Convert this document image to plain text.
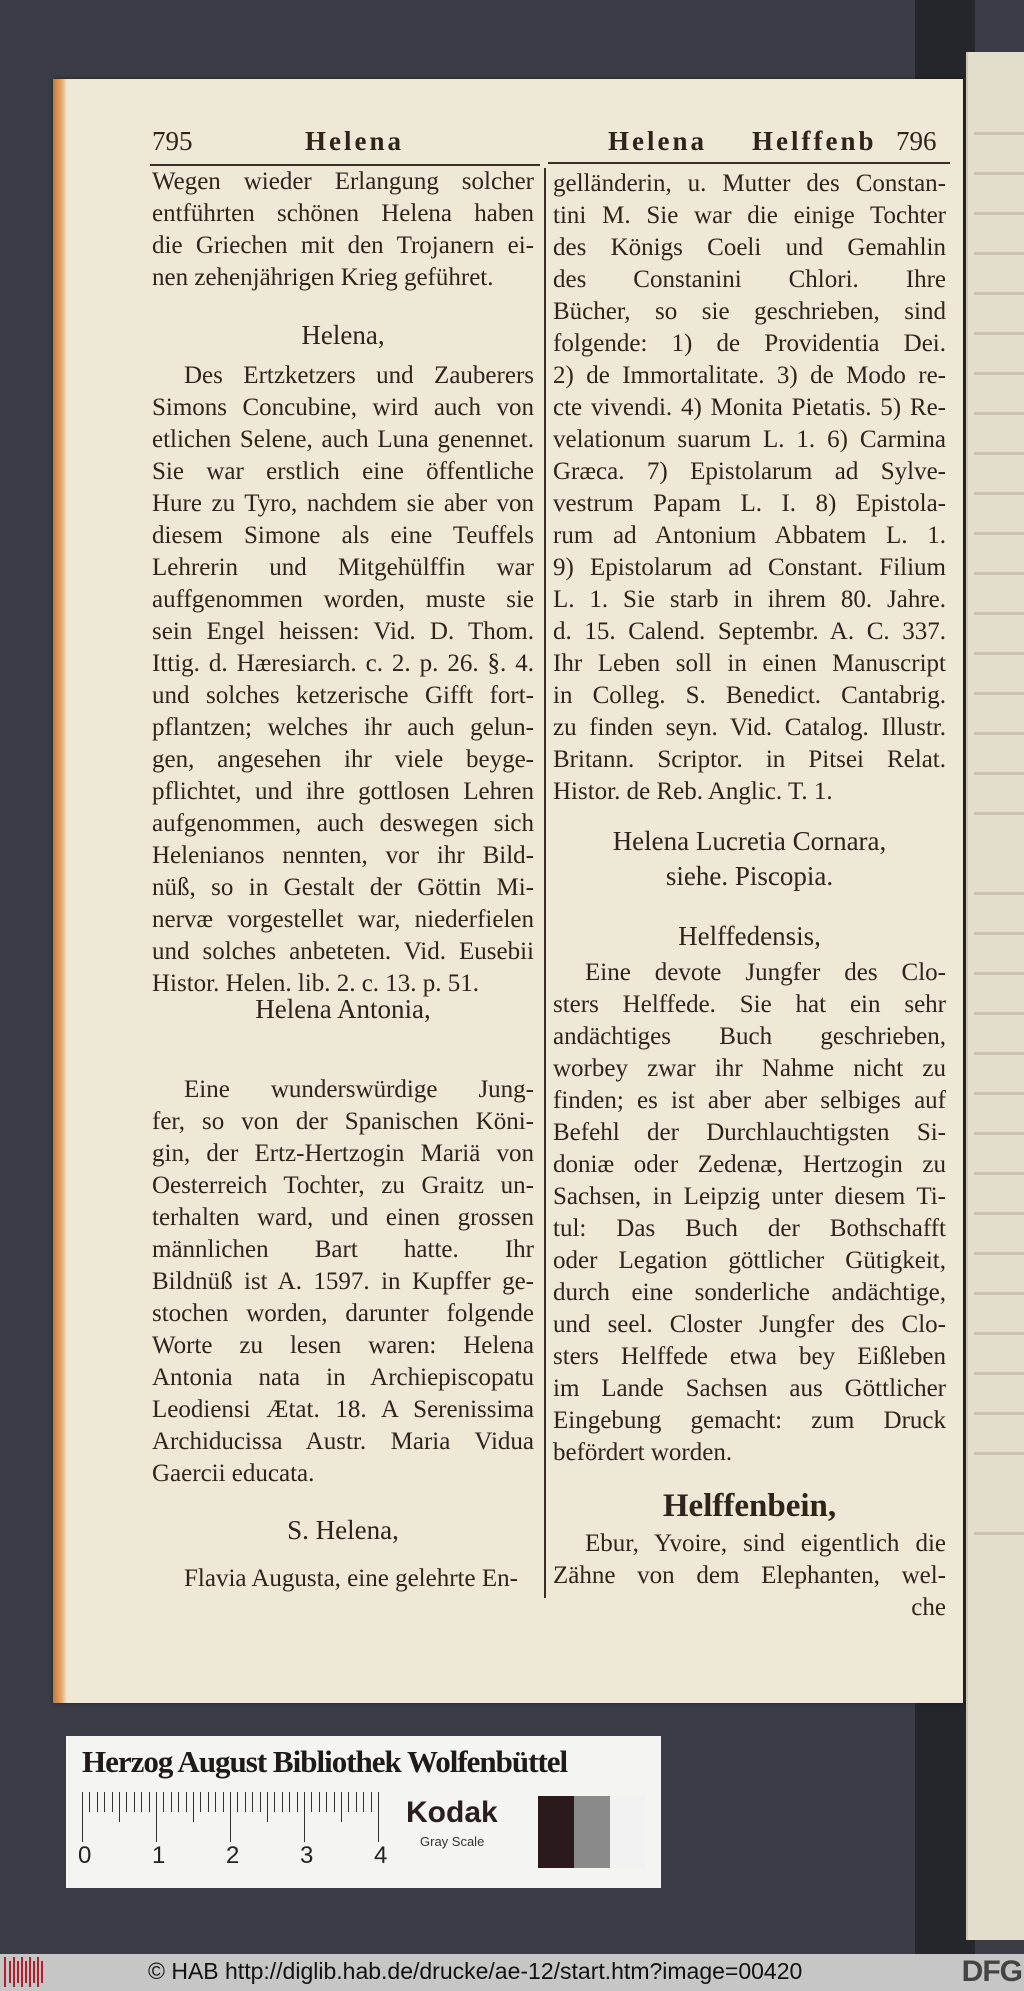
795	Helena	Helena Helffenb 796
Wegen wieder Erlangung solcher
entführten schönen Helena haben
die Griechen mit den Trojanern ei-
nen zehenjährigen Krieg geführet.
Helena,
Des Ertzketzers und Zauberers
Simons Concubine, wird auch von
etlichen Selene, auch Luna genennet.
Sie war erstlich eine öffentliche
Hure zu Tyro, nachdem sie aber von
diesem Simone als eine Teuffels
Lehrerin und Mitgehülffin war
auffgenommen worden, muste sie
sein Engel heissen: Vid. D. Thom.
Ittig. d. Hæresiarch. c. 2. p. 26. §. 4.
und solches ketzerische Gifft fort-
pflantzen; welches ihr auch gelun-
gen, angesehen ihr viele beyge-
pflichtet, und ihre gottlosen Lehren
aufgenommen, auch deswegen sich
Helenianos nennten, vor ihr Bild-
nüß, so in Gestalt der Göttin Mi-
nervæ vorgestellet war, niederfielen
und solches anbeteten. Vid. Eusebii
Histor. Helen. lib. 2. c. 13. p. 51.
Helena Antonia,
Eine wunderswürdige Jung-
fer, so von der Spanischen Köni-
gin, der Ertz-Hertzogin Mariä von
Oesterreich Tochter, zu Graitz un-
terhalten ward, und einen grossen
männlichen Bart hatte. Ihr
Bildnüß ist A. 1597. in Kupffer ge-
stochen worden, darunter folgende
Worte zu lesen waren: Helena
Antonia nata in Archiepiscopatu
Leodiensi Ætat. 18. A Serenissima
Archiducissa Austr. Maria Vidua
Gaercii educata.
S. Helena,
Flavia Augusta, eine gelehrte En-
gelländerin, u. Mutter des Constan-
tini M. Sie war die einige Tochter
des Königs Coeli und Gemahlin
des Constanini Chlori. Ihre
Bücher, so sie geschrieben, sind
folgende: 1) de Providentia Dei.
2) de Immortalitate. 3) de Modo re-
cte vivendi. 4) Monita Pietatis. 5) Re-
velationum suarum L. 1. 6) Carmina
Græca. 7) Epistolarum ad Sylve-
vestrum Papam L. I. 8) Epistola-
rum ad Antonium Abbatem L. 1.
9) Epistolarum ad Constant. Filium
L. 1. Sie starb in ihrem 80. Jahre.
d. 15. Calend. Septembr. A. C. 337.
Ihr Leben soll in einen Manuscript
in Colleg. S. Benedict. Cantabrig.
zu finden seyn. Vid. Catalog. Illustr.
Britann. Scriptor. in Pitsei Relat.
Histor. de Reb. Anglic. T. 1.
Helena Lucretia Cornara,
siehe. Piscopia.
Helffedensis,
Eine devote Jungfer des Clo-
sters Helffede. Sie hat ein sehr
andächtiges Buch geschrieben,
worbey zwar ihr Nahme nicht zu
finden; es ist aber aber selbiges auf
Befehl der Durchlauchtigsten Si-
doniæ oder Zedenæ, Hertzogin zu
Sachsen, in Leipzig unter diesem Ti-
tul: Das Buch der Bothschafft
oder Legation göttlicher Gütigkeit,
durch eine sonderliche andächtige,
und seel. Closter Jungfer des Clo-
sters Helffede etwa bey Eißleben
im Lande Sachsen aus Göttlicher
Eingebung gemacht: zum Druck
befördert worden.
Helffenbein,
Ebur, Yvoire, sind eigentlich die
Zähne von dem Elephanten, wel-
che
Herzog August Bibliothek Wolfenbüttel
0	1	2	3	4
Kodak
Gray Scale
© HAB http://diglib.hab.de/drucke/ae-12/start.htm?image=00420	DFG
